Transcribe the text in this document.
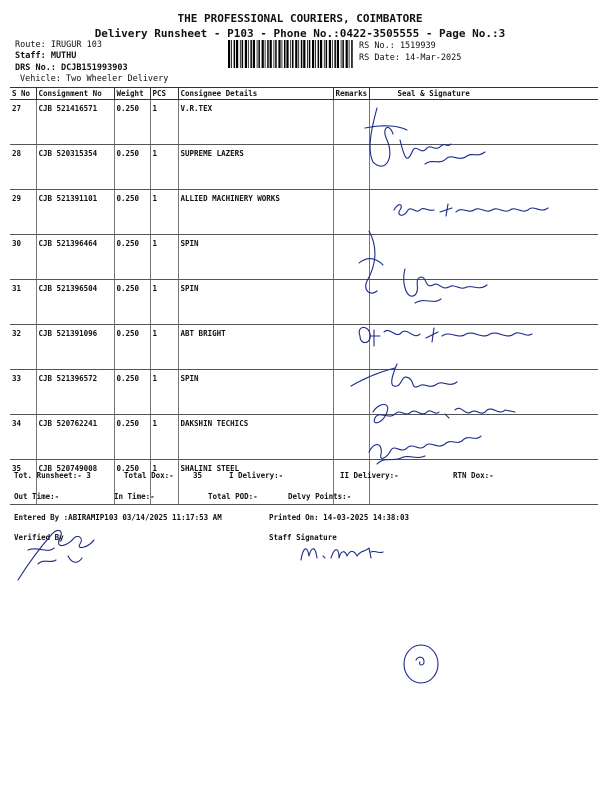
THE PROFESSIONAL COURIERS, COIMBATORE
Delivery Runsheet - P103 - Phone No.:0422-3505555 - Page No.:3
Route: IRUGUR 103
Staff: MUTHU
DRS No.: DCJB151993903
Vehicle: Two Wheeler Delivery
RS No.: 1519939
RS Date: 14-Mar-2025
S No	Consignment No	Weight	PCS	Consignee Details	Remarks	Seal & Signature
27	CJB 521416571	0.250	1	V.R.TEX		
28	CJB 520315354	0.250	1	SUPREME LAZERS		
29	CJB 521391101	0.250	1	ALLIED MACHINERY WORKS		
30	CJB 521396464	0.250	1	SPIN		
31	CJB 521396504	0.250	1	SPIN		
32	CJB 521391096	0.250	1	ABT BRIGHT		
33	CJB 521396572	0.250	1	SPIN		
34	CJB 520762241	0.250	1	DAKSHIN TECHICS		
35	CJB 520749008	0.250	1	SHALINI STEEL		
Tot. Runsheet:- 3	Total Dox:-	35	I Delivery:-	II Delivery:-	RTN Dox:-
Out Time:-	In Time:-	Total POD:-	Delvy Points:-
Entered By :ABIRAMIP103 03/14/2025 11:17:53 AM	Printed On: 14-03-2025 14:38:03
Verified By	Staff Signature
